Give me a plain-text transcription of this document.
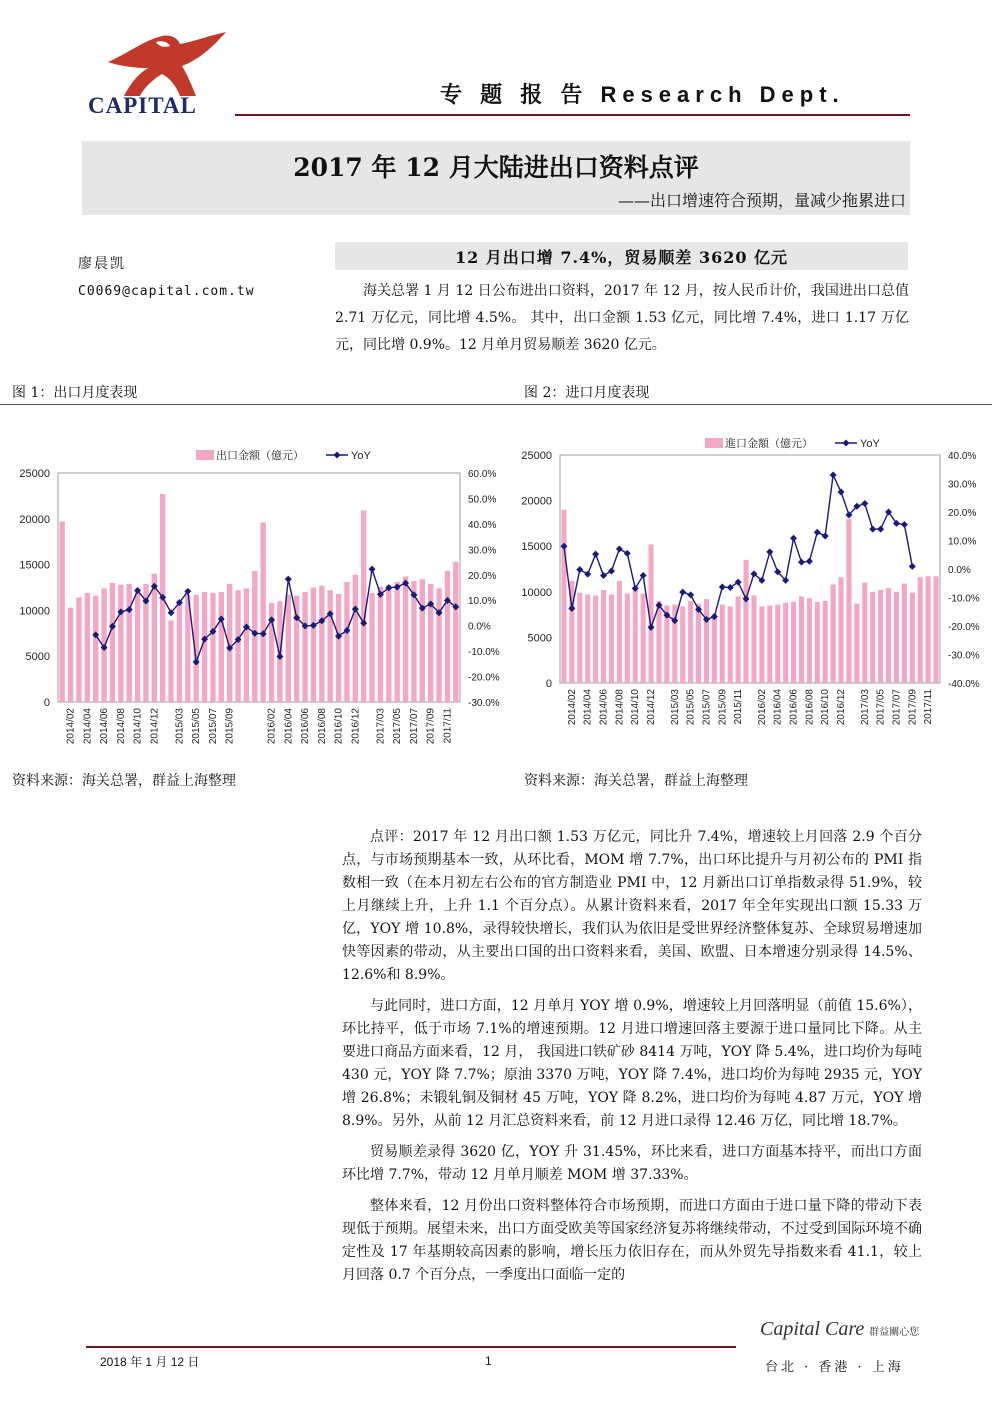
CAPITAL	专 题 报 告 Research Dept.
2017 年 12 月大陆进出口资料点评
——出口增速符合预期，量减少拖累进口
廖晨凯
C0069@capital.com.tw
12 月出口增 7.4%，贸易顺差 3620 亿元
海关总署 1 月 12 日公布进出口资料，2017 年 12 月，按人民币计价，我国进出口总值 2.71 万亿元，同比增 4.5%。 其中，出口金额 1.53 亿元，同比增 7.4%，进口 1.17 万亿元，同比增 0.9%。12 月单月贸易顺差 3620 亿元。
图 1：出口月度表现	图 2：进口月度表现
25000
20000
15000
10000
5000
0
60.0%
50.0%
40.0%
30.0%
20.0%
10.0%
0.0%
-10.0%
-20.0%
-30.0%
2014/02 2014/04 2014/06 2014/08 2014/10 2014/12 2015/03 2015/05 2015/07 2015/09	2016/02 2016/04 2016/06 2016/08 2016/10 2016/12 2017/03 2017/05 2017/07 2017/09 2017/11
出口金额（億元）	YoY	25000
20000
15000
10000
5000
0
40.0%
30.0%
20.0%
10.0%
0.0%
-10.0%
-20.0%
-30.0%
-40.0%
2014/02 2014/04 2014/06 2014/08 2014/10 2014/12 2015/03 2015/05 2015/07 2015/09 2015/11 2016/02 2016/04 2016/06 2016/08 2016/10 2016/12 2017/03 2017/05 2017/07 2017/09 2017/11
進口金額（億元）	YoY
资料来源：海关总署，群益上海整理	资料来源：海关总署，群益上海整理

点评：2017 年 12 月出口额 1.53 万亿元，同比升 7.4%，增速较上月回落 2.9 个百分点，与市场预期基本一致，从环比看，MOM 增 7.7%，出口环比提升与月初公布的 PMI 指数相一致（在本月初左右公布的官方制造业 PMI 中，12 月新出口订单指数录得 51.9%，较上月继续上升，上升 1.1 个百分点）。从累计资料来看，2017 年全年实现出口额 15.33 万亿，YOY 增 10.8%，录得较快增长，我们认为依旧是受世界经济整体复苏、全球贸易增速加快等因素的带动，从主要出口国的出口资料来看，美国、欧盟、日本增速分别录得 14.5%、12.6%和 8.9%。

与此同时，进口方面，12 月单月 YOY 增 0.9%，增速较上月回落明显（前值 15.6%），环比持平，低于市场 7.1%的增速预期。12 月进口增速回落主要源于进口量同比下降。从主要进口商品方面来看，12 月， 我国进口铁矿砂 8414 万吨，YOY 降 5.4%，进口均价为每吨 430 元，YOY 降 7.7%；原油 3370 万吨，YOY 降 7.4%，进口均价为每吨 2935 元，YOY 增 26.8%；未锻轧铜及铜材 45 万吨，YOY 降 8.2%，进口均价为每吨 4.87 万元，YOY 增 8.9%。另外，从前 12 月汇总资料来看，前 12 月进口录得 12.46 万亿，同比增 18.7%。

贸易顺差录得 3620 亿，YOY 升 31.45%，环比来看，进口方面基本持平，而出口方面环比增 7.7%，带动 12 月单月顺差 MOM 增 37.33%。

整体来看，12 月份出口资料整体符合市场预期，而进口方面由于进口量下降的带动下表现低于预期。展望未来，出口方面受欧美等国家经济复苏将继续带动，不过受到国际环境不确定性及 17 年基期较高因素的影响，增长压力依旧存在，而从外贸先导指数来看 41.1，较上月回落 0.7 个百分点，一季度出口面临一定的

2018 年 1 月 12 日	1
Capital Care 群益關心您
台北 · 香港 · 上海
